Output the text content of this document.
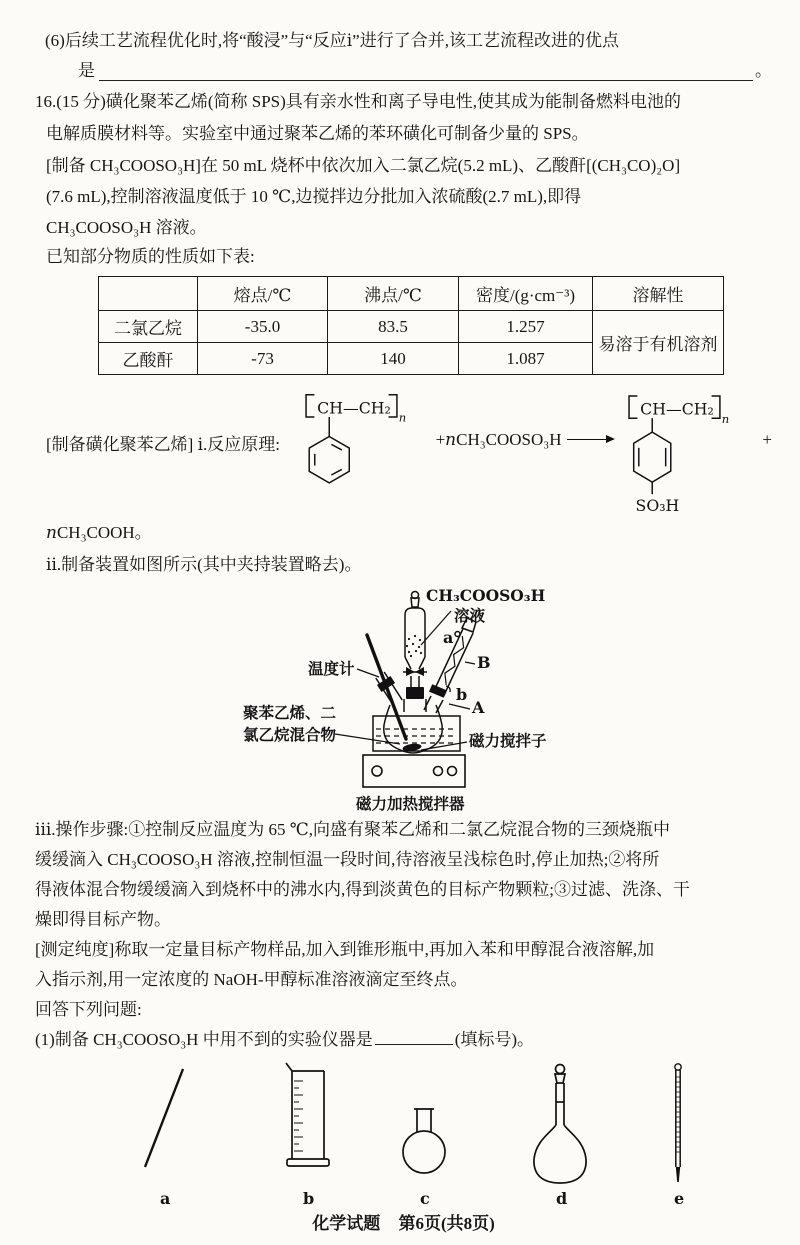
(6)后续工艺流程优化时,将“酸浸”与“反应ⅰ”进行了合并,该工艺流程改进的优点
是	。
16.(15 分)磺化聚苯乙烯(简称 SPS)具有亲水性和离子导电性,使其成为能制备燃料电池的
电解质膜材料等。实验室中通过聚苯乙烯的苯环磺化可制备少量的 SPS。
[制备 CH₃COOSO₃H]在 50 mL 烧杯中依次加入二氯乙烷(5.2 mL)、乙酸酐[(CH₃CO)₂O]
(7.6 mL),控制溶液温度低于 10 ℃,边搅拌边分批加入浓硫酸(2.7 mL),即得
CH₃COOSO₃H 溶液。
已知部分物质的性质如下表:
	熔点/℃	沸点/℃	密度/(g·cm⁻³)	溶解性
二氯乙烷	-35.0	83.5	1.257	易溶于有机溶剂
乙酸酐	-73	140	1.087	
[制备磺化聚苯乙烯] ⅰ.反应原理:
CH—CH₂
n
+nCH₃COOSO₃H →
CH—CH₂
n
SO₃H
+
nCH₃COOH。
ⅱ.制备装置如图所示(其中夹持装置略去)。
CH₃COOSO₃H
溶液
a
B
b
A
温度计
聚苯乙烯、二
氯乙烷混合物	磁力搅拌子
磁力加热搅拌器
ⅲ.操作步骤:①控制反应温度为 65 ℃,向盛有聚苯乙烯和二氯乙烷混合物的三颈烧瓶中
缓缓滴入 CH₃COOSO₃H 溶液,控制恒温一段时间,待溶液呈浅棕色时,停止加热;②将所
得液体混合物缓缓滴入到烧杯中的沸水内,得到淡黄色的目标产物颗粒;③过滤、洗涤、干
燥即得目标产物。
[测定纯度]称取一定量目标产物样品,加入到锥形瓶中,再加入苯和甲醇混合液溶解,加
入指示剂,用一定浓度的 NaOH-甲醇标准溶液滴定至终点。
回答下列问题:
(1)制备 CH₃COOSO₃H 中用不到的实验仪器是	(填标号)。
a	b	c	d	e
化学试题 第6页(共8页)
